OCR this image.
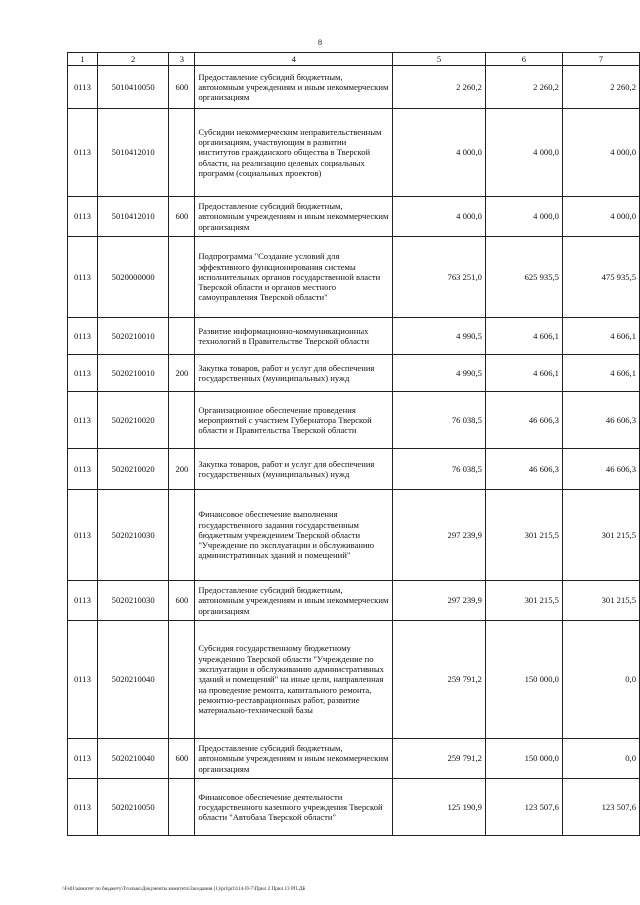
8
1	2	3	4	5	6	7
0113	5010410050	600	Предоставление субсидий бюджетным, автономным учреждениям и иным некоммерческим организациям	2 260,2	2 260,2	2 260,2
0113	5010412010		Субсидии некоммерческим неправительственным организациям, участвующим в развитии институтов гражданского общества в Тверской области, на реализацию целевых социальных программ (социальных проектов)	4 000,0	4 000,0	4 000,0
0113	5010412010	600	Предоставление субсидий бюджетным, автономным учреждениям и иным некоммерческим организациям	4 000,0	4 000,0	4 000,0
0113	5020000000		Подпрограмма "Создание условий для эффективного функционирования системы исполнительных органов государственной власти Тверской области и органов местного самоуправления Тверской области"	763 251,0	625 935,5	475 935,5
0113	5020210010		Развитие информационно-коммуникационных технологий в Правительстве Тверской области	4 990,5	4 606,1	4 606,1
0113	5020210010	200	Закупка товаров, работ и услуг для обеспечения государственных (муниципальных) нужд	4 990,5	4 606,1	4 606,1
0113	5020210020		Организационное обеспечение проведения мероприятий с участием Губернатора Тверской области и Правительства Тверской области	76 038,5	46 606,3	46 606,3
0113	5020210020	200	Закупка товаров, работ и услуг для обеспечения государственных (муниципальных) нужд	76 038,5	46 606,3	46 606,3
0113	5020210030		Финансовое обеспечение выполнения государственного задания государственным бюджетным учреждением Тверской области "Учреждение по эксплуатации и обслуживанию административных зданий и помещений"	297 239,9	301 215,5	301 215,5
0113	5020210030	600	Предоставление субсидий бюджетным, автономным учреждениям и иным некоммерческим организациям	297 239,9	301 215,5	301 215,5
0113	5020210040		Субсидия государственному бюджетному учреждению Тверской области "Учреждение по эксплуатации и обслуживанию административных зданий и помещений" на иные цели, направленная на проведение ремонта, капитального ремонта, ремонтно-реставрационных работ, развитие материально-технической базы	259 791,2	150 000,0	0,0
0113	5020210040	600	Предоставление субсидий бюджетным, автономным учреждениям и иным некоммерческим организациям	259 791,2	150 000,0	0,0
0113	5020210050		Финансовое обеспечение деятельности государственного казенного учреждения Тверской области "Автобаза Тверской области"	125 190,9	123 507,6	123 507,6
\\Fs01\комитет по бюджету\Тсолько\Документы комитета\Заседания (1)\prl\prl3\14-П-7\Прил 2 Прил 13 РП.ДБ
